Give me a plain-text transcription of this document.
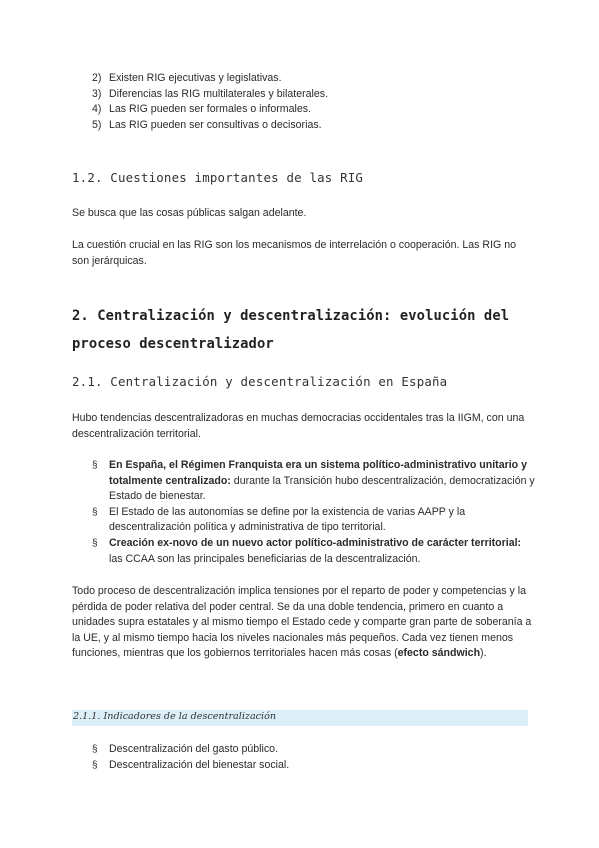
2) Existen RIG ejecutivas y legislativas.
3) Diferencias las RIG multilaterales y bilaterales.
4) Las RIG pueden ser formales o informales.
5) Las RIG pueden ser consultivas o decisorias.
1.2. Cuestiones importantes de las RIG

Se busca que las cosas públicas salgan adelante.

La cuestión crucial en las RIG son los mecanismos de interrelación o cooperación. Las RIG no son jerárquicas.

2. Centralización y descentralización: evolución del proceso descentralizador
2.1. Centralización y descentralización en España

Hubo tendencias descentralizadoras en muchas democracias occidentales tras la IIGM, con una descentralización territorial.

§	En España, el Régimen Franquista era un sistema político-administrativo unitario y totalmente centralizado: durante la Transición hubo descentralización, democratización y Estado de bienestar.
§	El Estado de las autonomías se define por la existencia de varias AAPP y la descentralización política y administrativa de tipo territorial.
§	Creación ex-novo de un nuevo actor político-administrativo de carácter territorial: las CCAA son las principales beneficiarias de la descentralización.

Todo proceso de descentralización implica tensiones por el reparto de poder y competencias y la pérdida de poder relativa del poder central. Se da una doble tendencia, primero en cuanto a unidades supra estatales y al mismo tiempo el Estado cede y comparte gran parte de soberanía a la UE, y al mismo tiempo hacia los niveles nacionales más pequeños. Cada vez tienen menos funciones, mientras que los gobiernos territoriales hacen más cosas (efecto sándwich).

2.1.1. Indicadores de la descentralización
§	Descentralización del gasto público.
§	Descentralización del bienestar social.
